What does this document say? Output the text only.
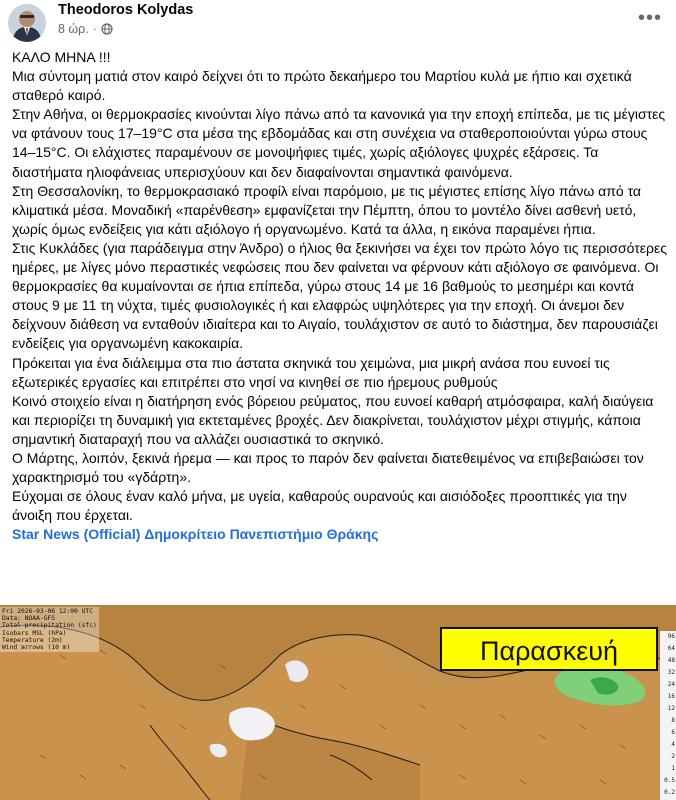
Theodoros Kolydas
8 ώρ. ·
•••

ΚΑΛΟ ΜΗΝΑ !!!

Μια σύντομη ματιά στον καιρό δείχνει ότι το πρώτο δεκαήμερο του Μαρτίου κυλά με ήπιο και σχετικά σταθερό καιρό.

Στην Αθήνα, οι θερμοκρασίες κινούνται λίγο πάνω από τα κανονικά για την εποχή επίπεδα, με τις μέγιστες να φτάνουν τους 17–19°C στα μέσα της εβδομάδας και στη συνέχεια να σταθεροποιούνται γύρω στους 14–15°C. Οι ελάχιστες παραμένουν σε μονοψήφιες τιμές, χωρίς αξιόλογες ψυχρές εξάρσεις. Τα διαστήματα ηλιοφάνειας υπερισχύουν και δεν διαφαίνονται σημαντικά φαινόμενα.

Στη Θεσσαλονίκη, το θερμοκρασιακό προφίλ είναι παρόμοιο, με τις μέγιστες επίσης λίγο πάνω από τα κλιματικά μέσα. Μοναδική «παρένθεση» εμφανίζεται την Πέμπτη, όπου το μοντέλο δίνει ασθενή υετό, χωρίς όμως ενδείξεις για κάτι αξιόλογο ή οργανωμένο. Κατά τα άλλα, η εικόνα παραμένει ήπια.

Στις Κυκλάδες (για παράδειγμα στην Άνδρο) ο ήλιος θα ξεκινήσει να έχει τον πρώτο λόγο τις περισσότερες ημέρες, με λίγες μόνο περαστικές νεφώσεις που δεν φαίνεται να φέρνουν κάτι αξιόλογο σε φαινόμενα. Οι θερμοκρασίες θα κυμαίνονται σε ήπια επίπεδα, γύρω στους 14 με 16 βαθμούς το μεσημέρι και κοντά στους 9 με 11 τη νύχτα, τιμές φυσιολογικές ή και ελαφρώς υψηλότερες για την εποχή. Οι άνεμοι δεν δείχνουν διάθεση να ενταθούν ιδιαίτερα και το Αιγαίο, τουλάχιστον σε αυτό το διάστημα, δεν παρουσιάζει ενδείξεις για οργανωμένη κακοκαιρία.

Πρόκειται για ένα διάλειμμα στα πιο άστατα σκηνικά του χειμώνα, μια μικρή ανάσα που ευνοεί τις εξωτερικές εργασίες και επιτρέπει στο νησί να κινηθεί σε πιο ήρεμους ρυθμούς

Κοινό στοιχείο είναι η διατήρηση ενός βόρειου ρεύματος, που ευνοεί καθαρή ατμόσφαιρα, καλή διαύγεια και περιορίζει τη δυναμική για εκτεταμένες βροχές. Δεν διακρίνεται, τουλάχιστον μέχρι στιγμής, κάποια σημαντική διαταραχή που να αλλάζει ουσιαστικά το σκηνικό.

Ο Μάρτης, λοιπόν, ξεκινά ήρεμα — και προς το παρόν δεν φαίνεται διατεθειμένος να επιβεβαιώσει τον χαρακτηρισμό του «γδάρτη».

Εύχομαι σε όλους έναν καλό μήνα, με υγεία, καθαρούς ουρανούς και αισιόδοξες προοπτικές για την άνοιξη που έρχεται.

Star News (Official) Δημοκρίτειο Πανεπιστήμιο Θράκης

Fri 2026-03-06 12:00 UTC
Data: NOAA-GFS
Total precipitation (sfc)
Isobars MSL (hPa)
Temperature (2m)
Wind arrows (10 m)	Παρασκευή	96
64
48
32
24
16
12
8
6
4
2
1
0.5
0.2
